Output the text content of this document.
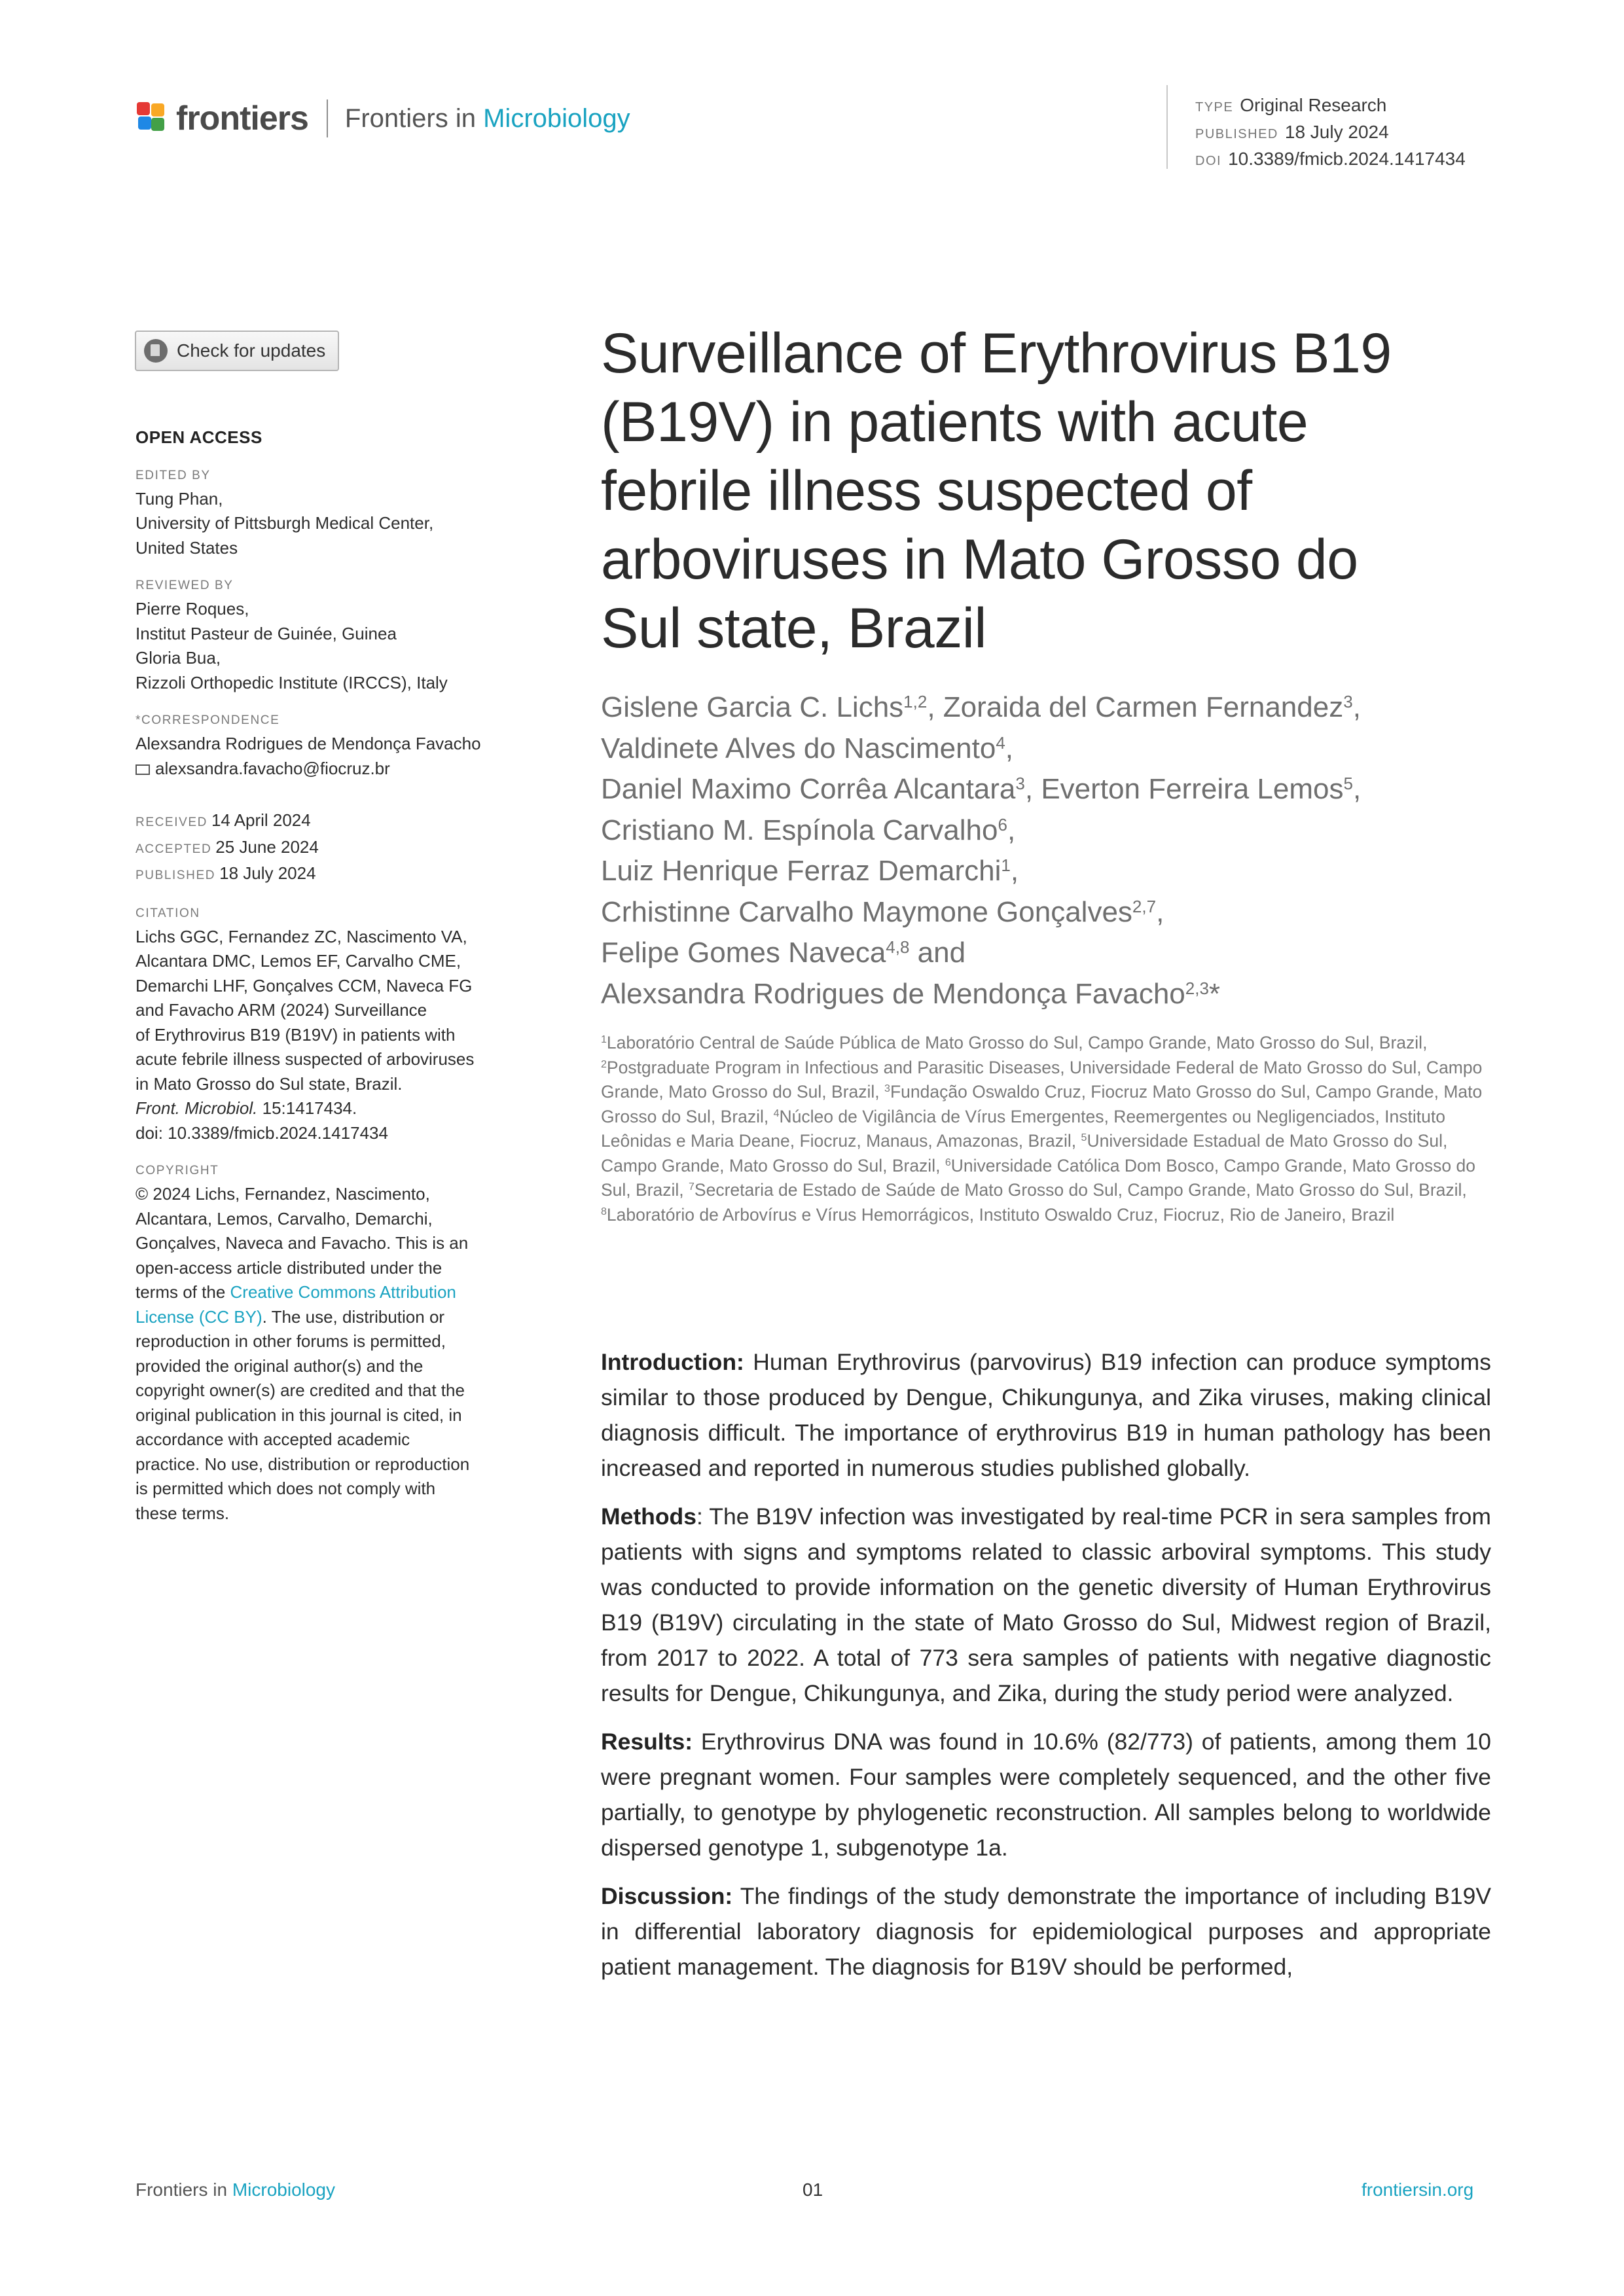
frontiers Frontiers in Microbiology	TYPE Original Research
PUBLISHED 18 July 2024
DOI 10.3389/fmicb.2024.1417434
Check for updates
OPEN ACCESS
EDITED BY
Tung Phan,
University of Pittsburgh Medical Center,
United States
REVIEWED BY
Pierre Roques,
Institut Pasteur de Guinée, Guinea
Gloria Bua,
Rizzoli Orthopedic Institute (IRCCS), Italy
*CORRESPONDENCE
Alexsandra Rodrigues de Mendonça Favacho
alexsandra.favacho@fiocruz.br
RECEIVED 14 April 2024
ACCEPTED 25 June 2024
PUBLISHED 18 July 2024
CITATION
Lichs GGC, Fernandez ZC, Nascimento VA,
Alcantara DMC, Lemos EF, Carvalho CME,
Demarchi LHF, Gonçalves CCM, Naveca FG
and Favacho ARM (2024) Surveillance
of Erythrovirus B19 (B19V) in patients with
acute febrile illness suspected of arboviruses
in Mato Grosso do Sul state, Brazil.
Front. Microbiol. 15:1417434.
doi: 10.3389/fmicb.2024.1417434
COPYRIGHT
© 2024 Lichs, Fernandez, Nascimento,
Alcantara, Lemos, Carvalho, Demarchi,
Gonçalves, Naveca and Favacho. This is an
open-access article distributed under the
terms of the Creative Commons Attribution
License (CC BY). The use, distribution or
reproduction in other forums is permitted,
provided the original author(s) and the
copyright owner(s) are credited and that the
original publication in this journal is cited, in
accordance with accepted academic
practice. No use, distribution or reproduction
is permitted which does not comply with
these terms.
Surveillance of Erythrovirus B19
(B19V) in patients with acute
febrile illness suspected of
arboviruses in Mato Grosso do
Sul state, Brazil
Gislene Garcia C. Lichs$^{1,2}$, Zoraida del Carmen Fernandez$^3$,
Valdinete Alves do Nascimento$^4$,
Daniel Maximo Corrêa Alcantara$^3$, Everton Ferreira Lemos$^5$,
Cristiano M. Espínola Carvalho$^6$,
Luiz Henrique Ferraz Demarchi$^1$,
Crhistinne Carvalho Maymone Gonçalves$^{2,7}$,
Felipe Gomes Naveca$^{4,8}$ and
Alexsandra Rodrigues de Mendonça Favacho$^{2,3}$*
$^1$Laboratório Central de Saúde Pública de Mato Grosso do Sul, Campo Grande, Mato Grosso do Sul, Brazil, $^2$Postgraduate Program in Infectious and Parasitic Diseases, Universidade Federal de Mato Grosso do Sul, Campo Grande, Mato Grosso do Sul, Brazil, $^3$Fundação Oswaldo Cruz, Fiocruz Mato Grosso do Sul, Campo Grande, Mato Grosso do Sul, Brazil, $^4$Núcleo de Vigilância de Vírus Emergentes, Reemergentes ou Negligenciados, Instituto Leônidas e Maria Deane, Fiocruz, Manaus, Amazonas, Brazil, $^5$Universidade Estadual de Mato Grosso do Sul, Campo Grande, Mato Grosso do Sul, Brazil, $^6$Universidade Católica Dom Bosco, Campo Grande, Mato Grosso do Sul, Brazil, $^7$Secretaria de Estado de Saúde de Mato Grosso do Sul, Campo Grande, Mato Grosso do Sul, Brazil, $^8$Laboratório de Arbovírus e Vírus Hemorrágicos, Instituto Oswaldo Cruz, Fiocruz, Rio de Janeiro, Brazil

Introduction: Human Erythrovirus (parvovirus) B19 infection can produce symptoms similar to those produced by Dengue, Chikungunya, and Zika viruses, making clinical diagnosis difficult. The importance of erythrovirus B19 in human pathology has been increased and reported in numerous studies published globally.

Methods: The B19V infection was investigated by real-time PCR in sera samples from patients with signs and symptoms related to classic arboviral symptoms. This study was conducted to provide information on the genetic diversity of Human Erythrovirus B19 (B19V) circulating in the state of Mato Grosso do Sul, Midwest region of Brazil, from 2017 to 2022. A total of 773 sera samples of patients with negative diagnostic results for Dengue, Chikungunya, and Zika, during the study period were analyzed.

Results: Erythrovirus DNA was found in 10.6% (82/773) of patients, among them 10 were pregnant women. Four samples were completely sequenced, and the other five partially, to genotype by phylogenetic reconstruction. All samples belong to worldwide dispersed genotype 1, subgenotype 1a.

Discussion: The findings of the study demonstrate the importance of including B19V in differential laboratory diagnosis for epidemiological purposes and appropriate patient management. The diagnosis for B19V should be performed,

Frontiers in Microbiology	01	frontiersin.org
